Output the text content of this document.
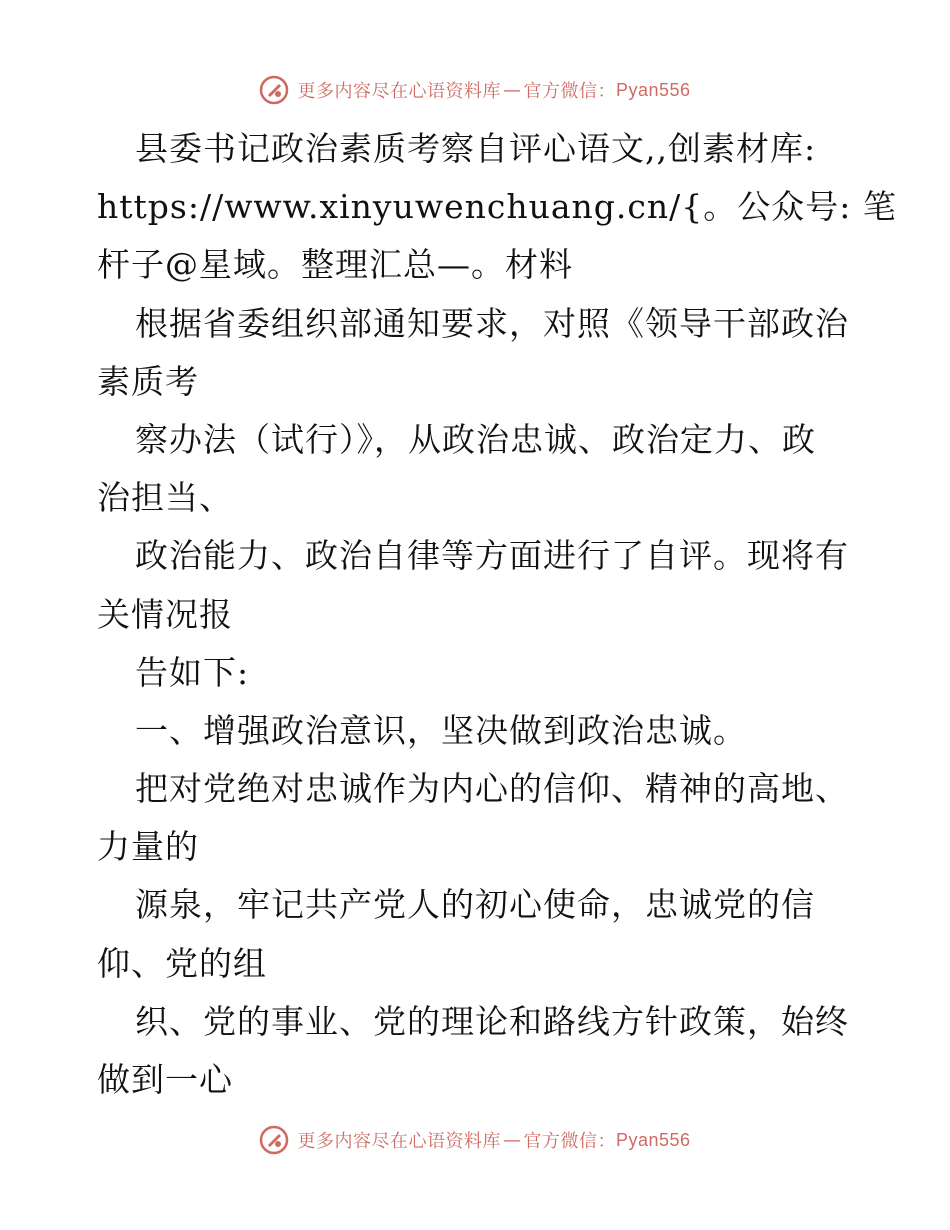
更多内容尽在心语资料库 — 官方微信： Pyan556
县委书记政治素质考察自评心语文,,创素材库:
https://www.xinyuwenchuang.cn/{。公众号: 笔
杆子@星域。整理汇总—。材料
根据省委组织部通知要求，对照《领导干部政治
素质考
察办法（试行）》，从政治忠诚、政治定力、政
治担当、
政治能力、政治自律等方面进行了自评。现将有
关情况报
告如下:
一、增强政治意识，坚决做到政治忠诚。
把对党绝对忠诚作为内心的信仰、精神的高地、
力量的
源泉，牢记共产党人的初心使命，忠诚党的信
仰、党的组
织、党的事业、党的理论和路线方针政策，始终
做到一心
更多内容尽在心语资料库 — 官方微信： Pyan556
